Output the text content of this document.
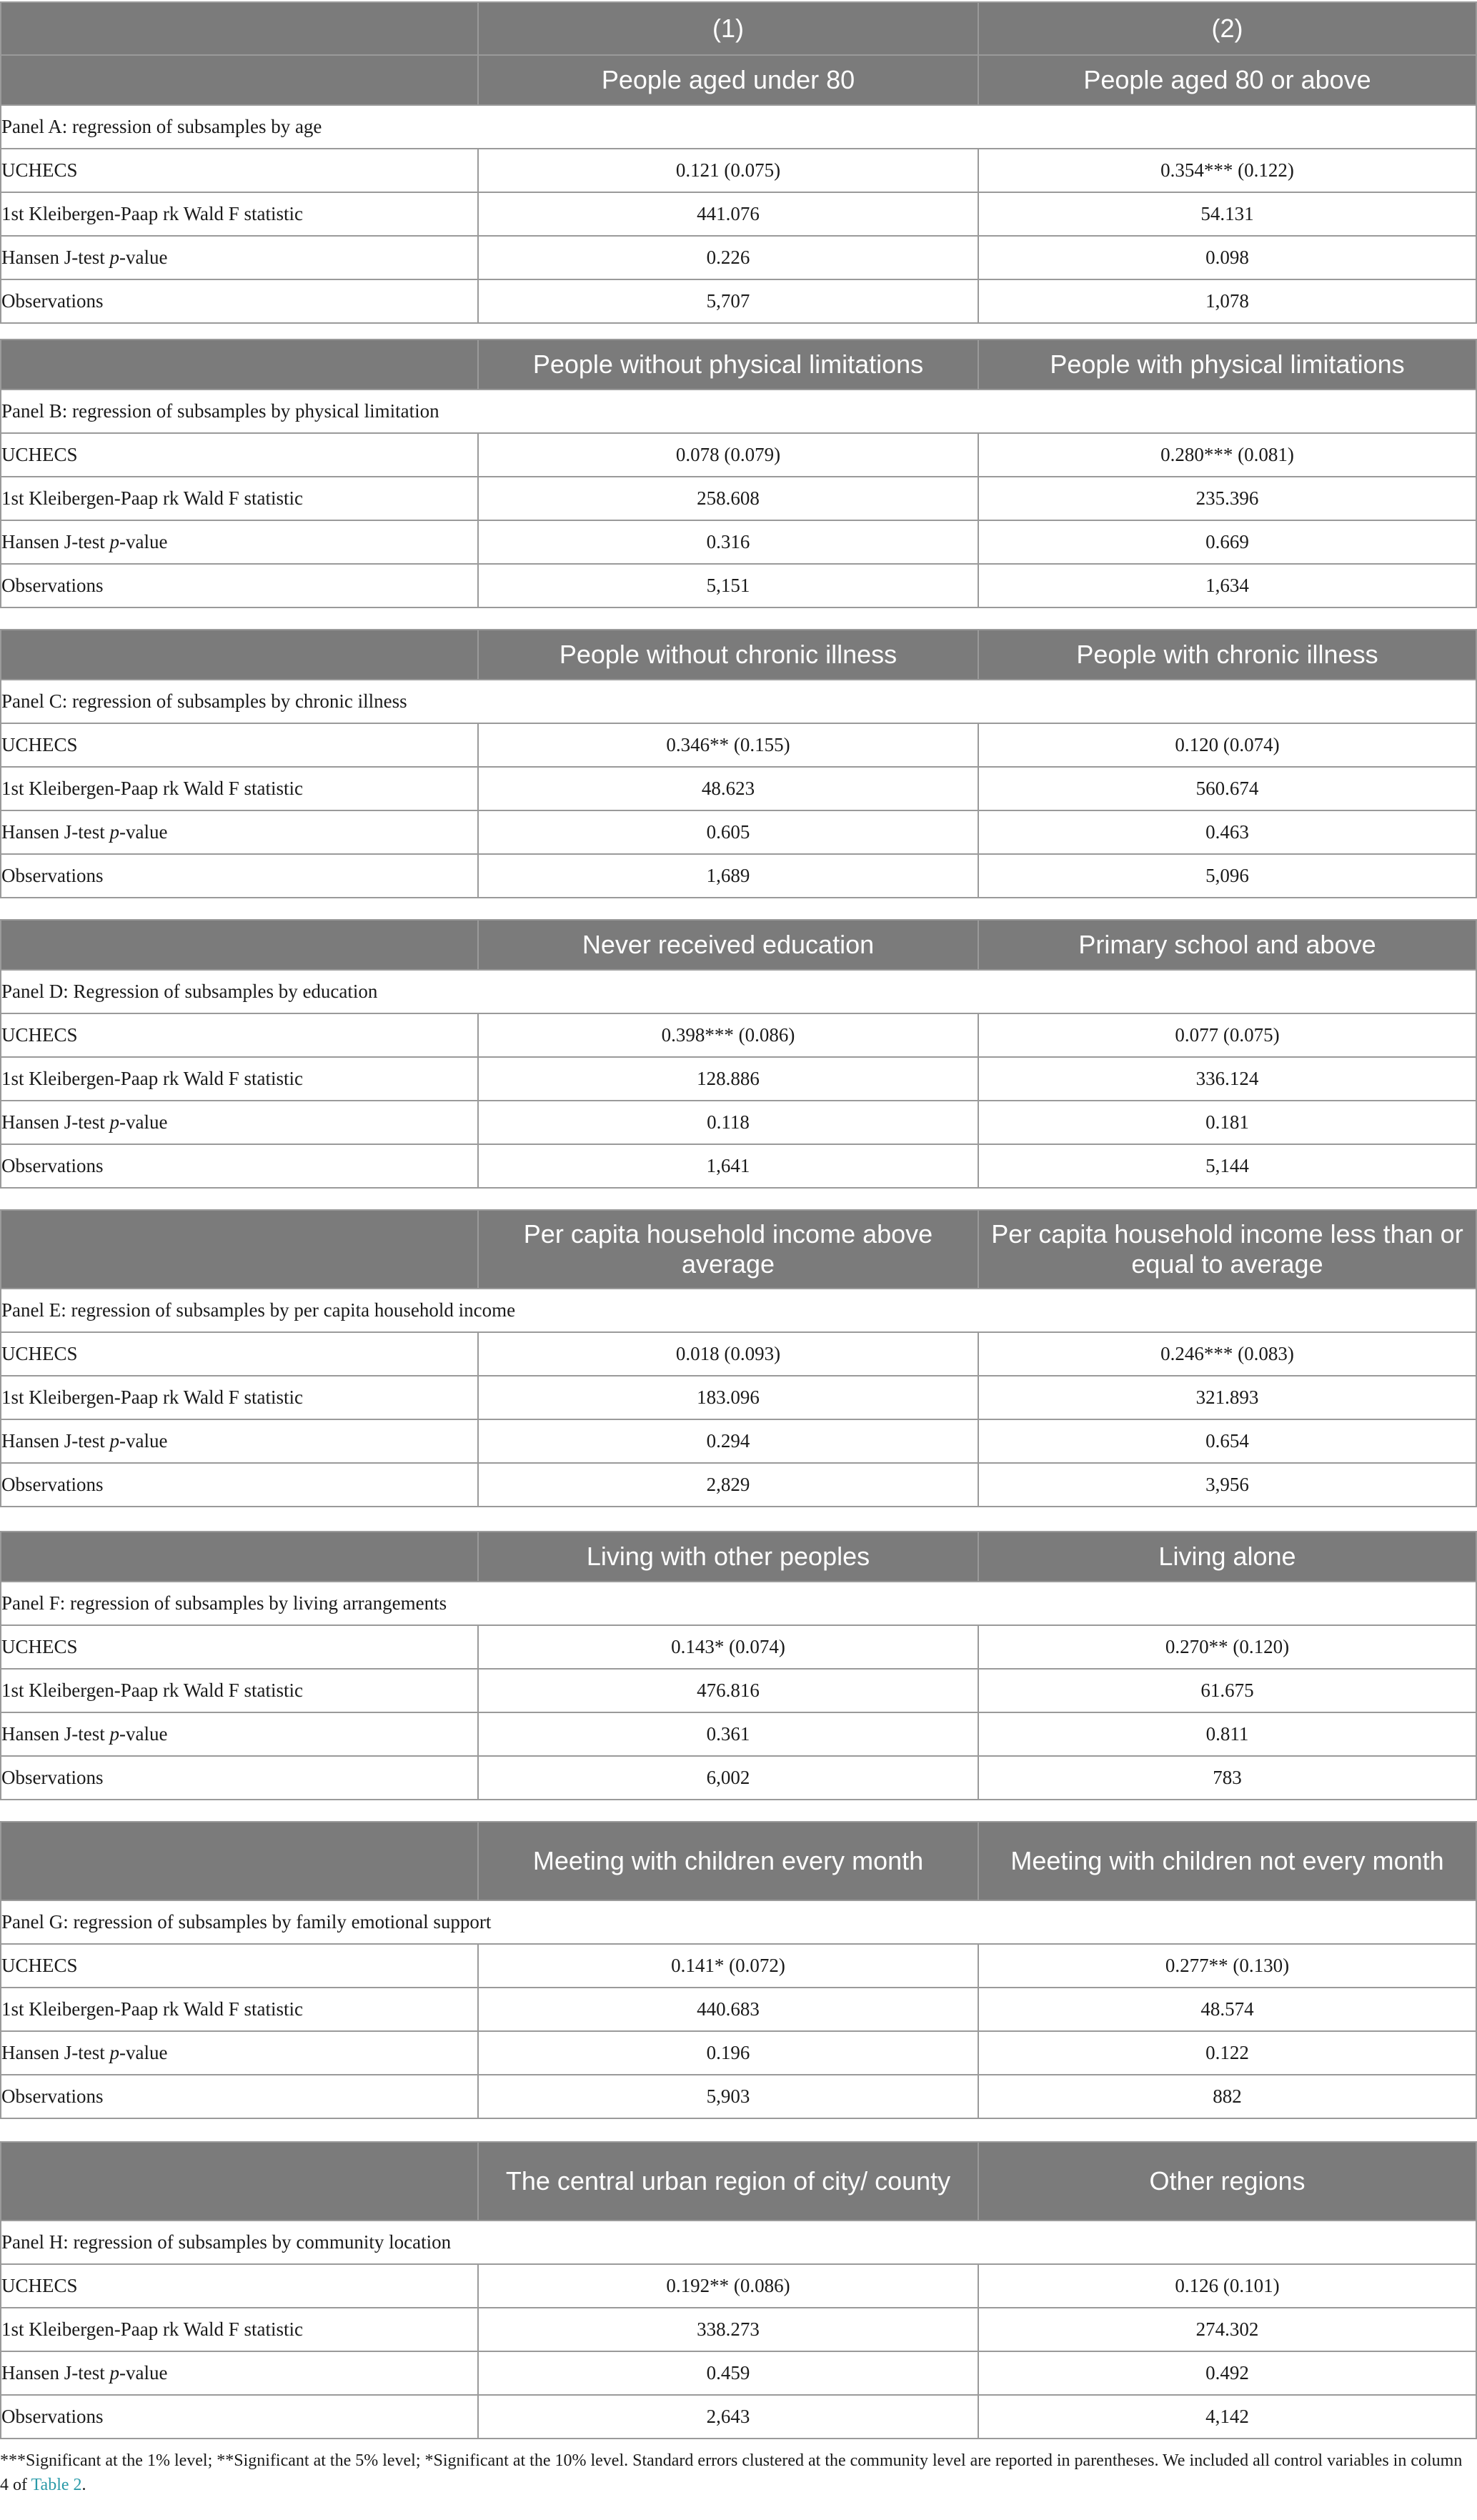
	(1)	(2)
	People aged under 80	People aged 80 or above
Panel A: regression of subsamples by age		
UCHECS	0.121 (0.075)	0.354*** (0.122)
1st Kleibergen-Paap rk Wald F statistic	441.076	54.131
Hansen J-test p-value	0.226	0.098
Observations	5,707	1,078
	People without physical limitations	People with physical limitations
Panel B: regression of subsamples by physical limitation		
UCHECS	0.078 (0.079)	0.280*** (0.081)
1st Kleibergen-Paap rk Wald F statistic	258.608	235.396
Hansen J-test p-value	0.316	0.669
Observations	5,151	1,634
	People without chronic illness	People with chronic illness
Panel C: regression of subsamples by chronic illness		
UCHECS	0.346** (0.155)	0.120 (0.074)
1st Kleibergen-Paap rk Wald F statistic	48.623	560.674
Hansen J-test p-value	0.605	0.463
Observations	1,689	5,096
	Never received education	Primary school and above
Panel D: Regression of subsamples by education		
UCHECS	0.398*** (0.086)	0.077 (0.075)
1st Kleibergen-Paap rk Wald F statistic	128.886	336.124
Hansen J-test p-value	0.118	0.181
Observations	1,641	5,144
	Per capita household income above average	Per capita household income less than or equal to average
Panel E: regression of subsamples by per capita household income		
UCHECS	0.018 (0.093)	0.246*** (0.083)
1st Kleibergen-Paap rk Wald F statistic	183.096	321.893
Hansen J-test p-value	0.294	0.654
Observations	2,829	3,956
	Living with other peoples	Living alone
Panel F: regression of subsamples by living arrangements		
UCHECS	0.143* (0.074)	0.270** (0.120)
1st Kleibergen-Paap rk Wald F statistic	476.816	61.675
Hansen J-test p-value	0.361	0.811
Observations	6,002	783
	Meeting with children every month	Meeting with children not every month
Panel G: regression of subsamples by family emotional support		
UCHECS	0.141* (0.072)	0.277** (0.130)
1st Kleibergen-Paap rk Wald F statistic	440.683	48.574
Hansen J-test p-value	0.196	0.122
Observations	5,903	882
	The central urban region of city/ county	Other regions
Panel H: regression of subsamples by community location		
UCHECS	0.192** (0.086)	0.126 (0.101)
1st Kleibergen-Paap rk Wald F statistic	338.273	274.302
Hansen J-test p-value	0.459	0.492
Observations	2,643	4,142
***Significant at the 1% level; **Significant at the 5% level; *Significant at the 10% level. Standard errors clustered at the community level are reported in parentheses. We included all control variables in column 4 of Table 2.
